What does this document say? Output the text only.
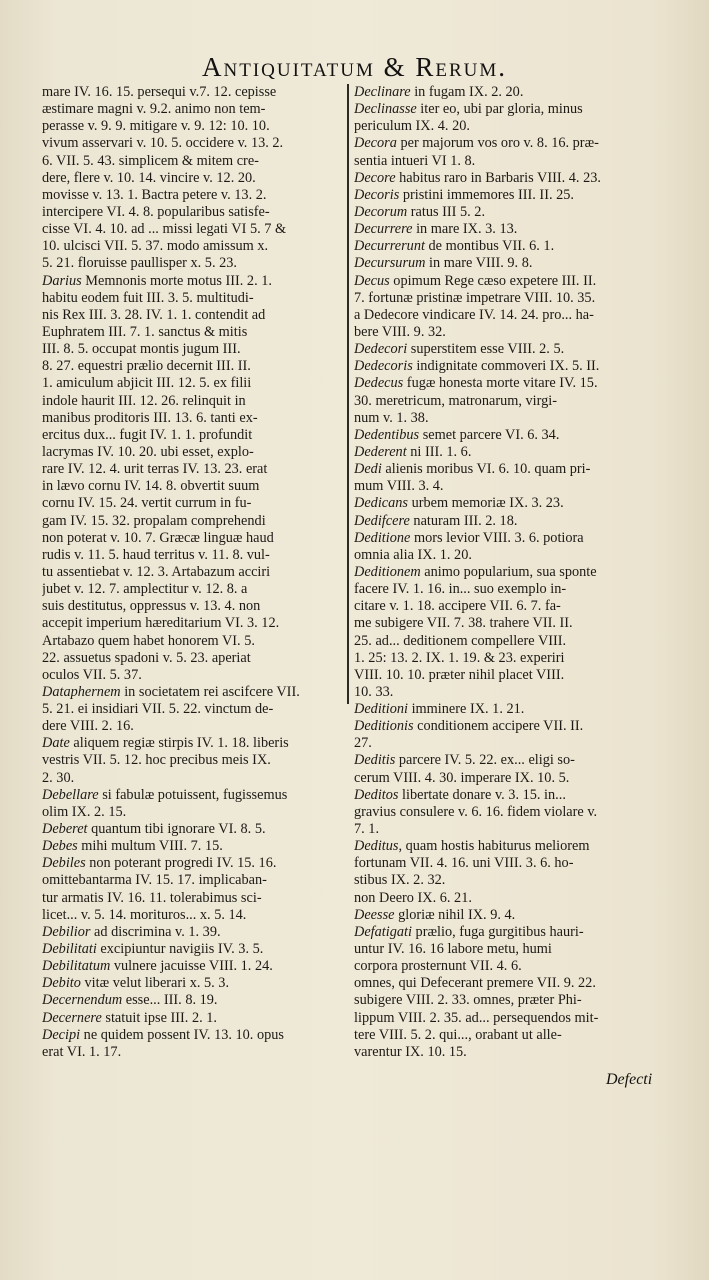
Antiquitatum & Rerum.
mare IV. 16. 15. persequi v.7. 12. cepisse
æstimare magni v. 9.2. animo non tem-
perasse v. 9. 9. mitigare v. 9. 12: 10. 10.
vivum asservari v. 10. 5. occidere v. 13. 2.
6. VII. 5. 43. simplicem & mitem cre-
dere, flere v. 10. 14. vincire v. 12. 20.
movisse v. 13. 1. Bactra petere v. 13. 2.
intercipere VI. 4. 8. popularibus satisfe-
cisse VI. 4. 10. ad ... missi legati VI 5. 7 &
10. ulcisci VII. 5. 37. modo amissum x.
5. 21. floruisse paullisper x. 5. 23.
Darius Memnonis morte motus III. 2. 1.
habitu eodem fuit III. 3. 5. multitudi-
nis Rex III. 3. 28. IV. 1. 1. contendit ad
Euphratem III. 7. 1. sanctus & mitis
III. 8. 5. occupat montis jugum III.
8. 27. equestri prælio decernit III. II.
1. amiculum abjicit III. 12. 5. ex filii
indole haurit III. 12. 26. relinquit in
manibus proditoris III. 13. 6. tanti ex-
ercitus dux... fugit IV. 1. 1. profundit
lacrymas IV. 10. 20. ubi esset, explo-
rare IV. 12. 4. urit terras IV. 13. 23. erat
in lævo cornu IV. 14. 8. obvertit suum
cornu IV. 15. 24. vertit currum in fu-
gam IV. 15. 32. propalam comprehendi
non poterat v. 10. 7. Græcæ linguæ haud
rudis v. 11. 5. haud territus v. 11. 8. vul-
tu assentiebat v. 12. 3. Artabazum acciri
jubet v. 12. 7. amplectitur v. 12. 8. a
suis destitutus, oppressus v. 13. 4. non
accepit imperium hæreditarium VI. 3. 12.
Artabazo quem habet honorem VI. 5.
22. assuetus spadoni v. 5. 23. aperiat
oculos VII. 5. 37.
Dataphernem in societatem rei ascifcere VII.
5. 21. ei insidiari VII. 5. 22. vinctum de-
dere VIII. 2. 16.
Date aliquem regiæ stirpis IV. 1. 18. liberis
vestris VII. 5. 12. hoc precibus meis IX.
2. 30.
Debellare si fabulæ potuissent, fugissemus
olim IX. 2. 15.
Deberet quantum tibi ignorare VI. 8. 5.
Debes mihi multum VIII. 7. 15.
Debiles non poterant progredi IV. 15. 16.
omittebantarma IV. 15. 17. implicaban-
tur armatis IV. 16. 11. tolerabimus sci-
licet... v. 5. 14. morituros... x. 5. 14.
Debilior ad discrimina v. 1. 39.
Debilitati excipiuntur navigiis IV. 3. 5.
Debilitatum vulnere jacuisse VIII. 1. 24.
Debito vitæ velut liberari x. 5. 3.
Decernendum esse... III. 8. 19.
Decernere statuit ipse III. 2. 1.
Decipi ne quidem possent IV. 13. 10. opus
erat VI. 1. 17.
Declinare in fugam IX. 2. 20.
Declinasse iter eo, ubi par gloria, minus
periculum IX. 4. 20.
Decora per majorum vos oro v. 8. 16. præ-
sentia intueri VI 1. 8.
Decore habitus raro in Barbaris VIII. 4. 23.
Decoris pristini immemores III. II. 25.
Decorum ratus III 5. 2.
Decurrere in mare IX. 3. 13.
Decurrerunt de montibus VII. 6. 1.
Decursurum in mare VIII. 9. 8.
Decus opimum Rege cæso expetere III. II.
7. fortunæ pristinæ impetrare VIII. 10. 35.
a Dedecore vindicare IV. 14. 24. pro... ha-
bere VIII. 9. 32.
Dedecori superstitem esse VIII. 2. 5.
Dedecoris indignitate commoveri IX. 5. II.
Dedecus fugæ honesta morte vitare IV. 15.
30. meretricum, matronarum, virgi-
num v. 1. 38.
Dedentibus semet parcere VI. 6. 34.
Dederent ni III. 1. 6.
Dedi alienis moribus VI. 6. 10. quam pri-
mum VIII. 3. 4.
Dedicans urbem memoriæ IX. 3. 23.
Dedifcere naturam III. 2. 18.
Deditione mors levior VIII. 3. 6. potiora
omnia alia IX. 1. 20.
Deditionem animo popularium, sua sponte
facere IV. 1. 16. in... suo exemplo in-
citare v. 1. 18. accipere VII. 6. 7. fa-
me subigere VII. 7. 38. trahere VII. II.
25. ad... deditionem compellere VIII.
1. 25: 13. 2. IX. 1. 19. & 23. experiri
VIII. 10. 10. præter nihil placet VIII.
10. 33.
Deditioni imminere IX. 1. 21.
Deditionis conditionem accipere VII. II.
27.
Deditis parcere IV. 5. 22. ex... eligi so-
cerum VIII. 4. 30. imperare IX. 10. 5.
Deditos libertate donare v. 3. 15. in...
gravius consulere v. 6. 16. fidem violare v.
7. 1.
Deditus, quam hostis habiturus meliorem
fortunam VII. 4. 16. uni VIII. 3. 6. ho-
stibus IX. 2. 32.
non Deero IX. 6. 21.
Deesse gloriæ nihil IX. 9. 4.
Defatigati prælio, fuga gurgitibus hauri-
untur IV. 16. 16 labore metu, humi
corpora prosternunt VII. 4. 6.
omnes, qui Defecerant premere VII. 9. 22.
subigere VIII. 2. 33. omnes, præter Phi-
lippum VIII. 2. 35. ad... persequendos mit-
tere VIII. 5. 2. qui..., orabant ut alle-
varentur IX. 10. 15.
Defecti
